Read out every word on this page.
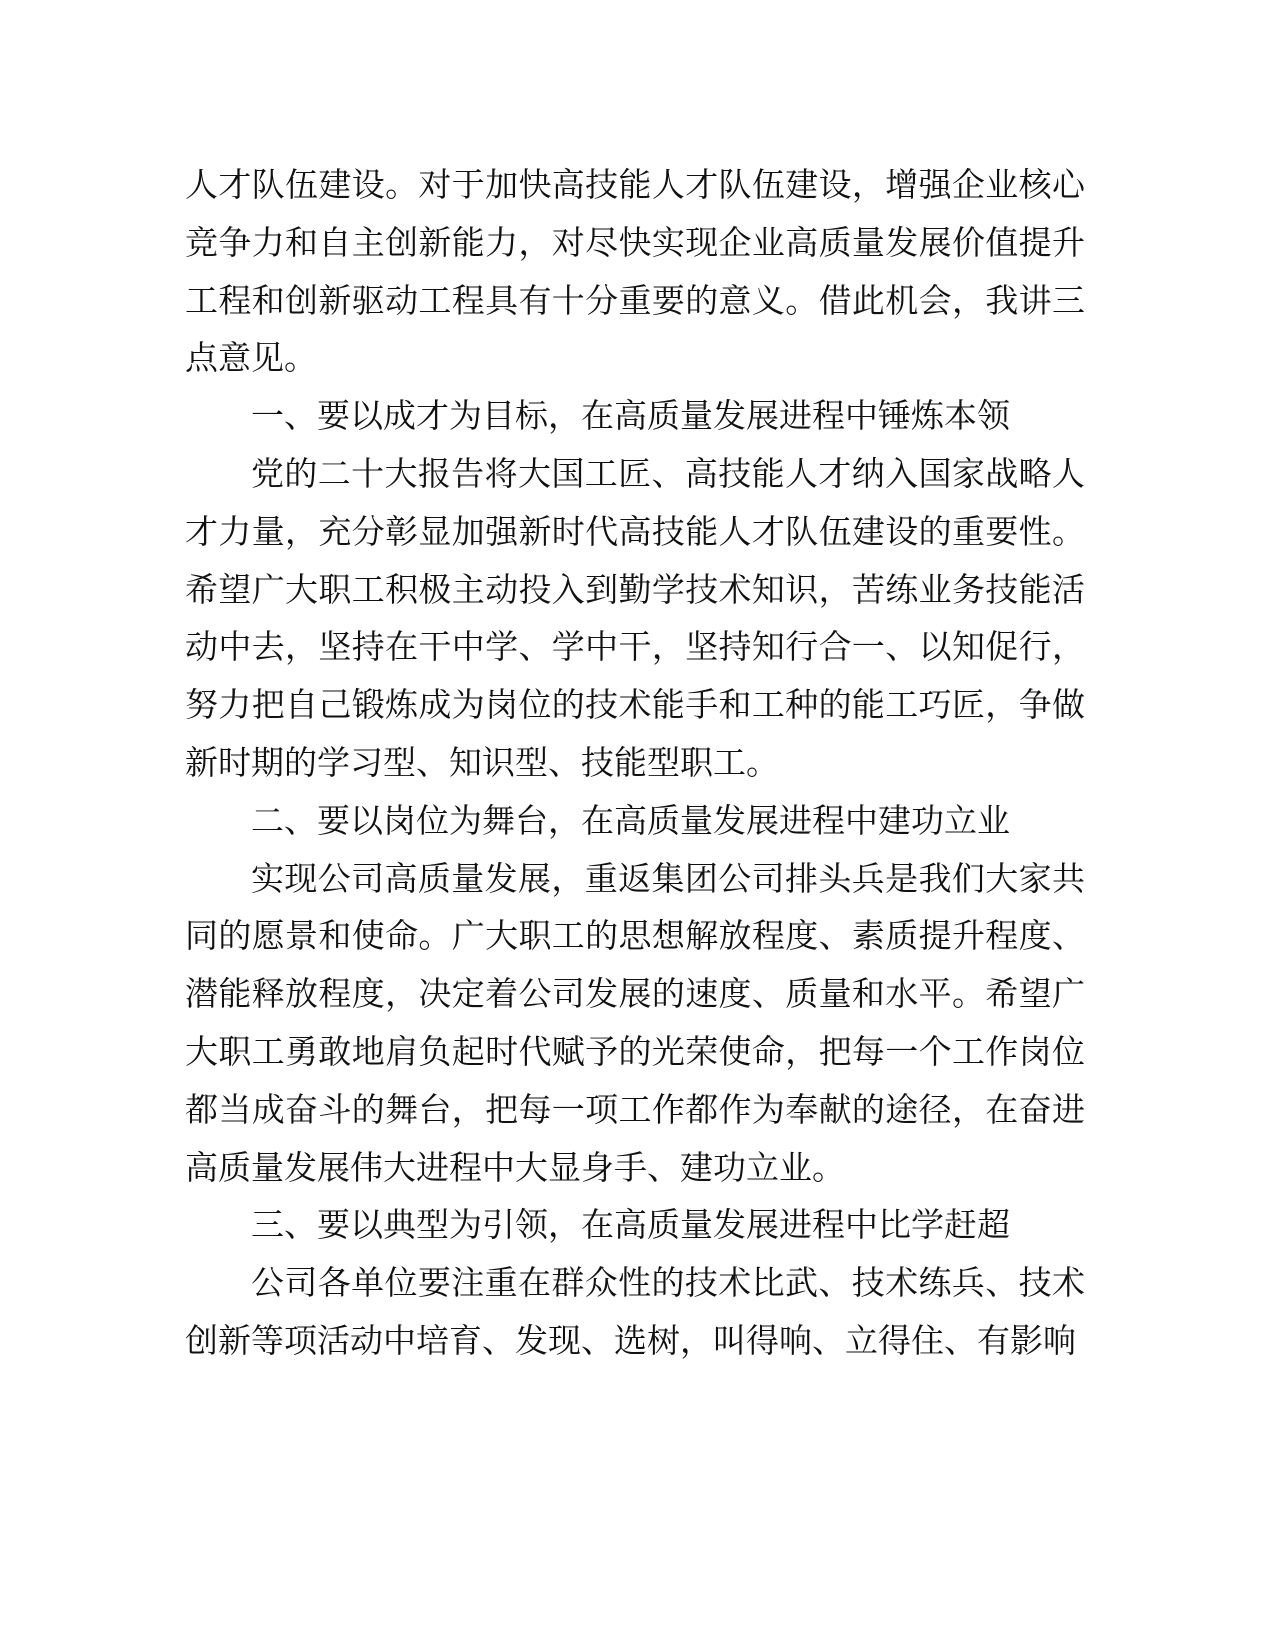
人才队伍建设。对于加快高技能人才队伍建设，增强企业核心竞争力和自主创新能力，对尽快实现企业高质量发展价值提升工程和创新驱动工程具有十分重要的意义。借此机会，我讲三点意见。

一、要以成才为目标，在高质量发展进程中锤炼本领

党的二十大报告将大国工匠、高技能人才纳入国家战略人才力量，充分彰显加强新时代高技能人才队伍建设的重要性。希望广大职工积极主动投入到勤学技术知识，苦练业务技能活动中去，坚持在干中学、学中干，坚持知行合一、以知促行，努力把自己锻炼成为岗位的技术能手和工种的能工巧匠，争做新时期的学习型、知识型、技能型职工。

二、要以岗位为舞台，在高质量发展进程中建功立业

实现公司高质量发展，重返集团公司排头兵是我们大家共同的愿景和使命。广大职工的思想解放程度、素质提升程度、潜能释放程度，决定着公司发展的速度、质量和水平。希望广大职工勇敢地肩负起时代赋予的光荣使命，把每一个工作岗位都当成奋斗的舞台，把每一项工作都作为奉献的途径，在奋进高质量发展伟大进程中大显身手、建功立业。

三、要以典型为引领，在高质量发展进程中比学赶超

公司各单位要注重在群众性的技术比武、技术练兵、技术创新等项活动中培育、发现、选树，叫得响、立得住、有影响
